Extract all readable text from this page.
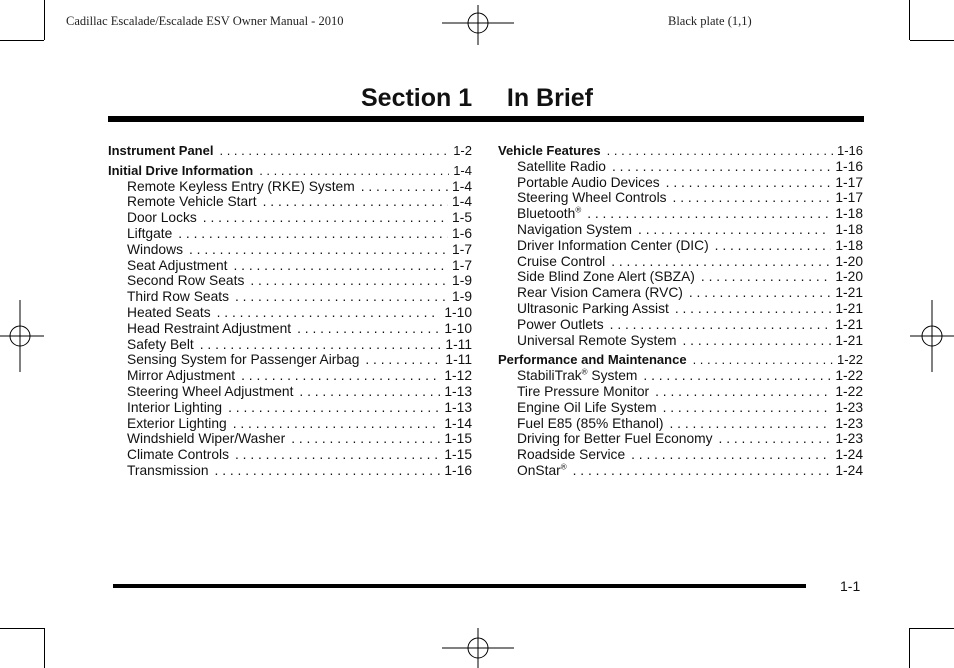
Cadillac Escalade/Escalade ESV Owner Manual - 2010	Black plate (1,1)
Section 1     In Brief
Instrument Panel . . .	1-2
Initial Drive Information . . .	1-4
Remote Keyless Entry (RKE) System . . .	1-4
Remote Vehicle Start . . .	1-4
Door Locks . . .	1-5
Liftgate . . .	1-6
Windows . . .	1-7
Seat Adjustment . . .	1-7
Second Row Seats . . .	1-9
Third Row Seats . . .	1-9
Heated Seats . . .	1-10
Head Restraint Adjustment . . .	1-10
Safety Belt . . .	1-11
Sensing System for Passenger Airbag . . .	1-11
Mirror Adjustment . . .	1-12
Steering Wheel Adjustment . . .	1-13
Interior Lighting . . .	1-13
Exterior Lighting . . .	1-14
Windshield Wiper/Washer . . .	1-15
Climate Controls . . .	1-15
Transmission . . .	1-16
Vehicle Features . . .	1-16
Satellite Radio . . .	1-16
Portable Audio Devices . . .	1-17
Steering Wheel Controls . . .	1-17
Bluetooth® . . .	1-18
Navigation System . . .	1-18
Driver Information Center (DIC) . . .	1-18
Cruise Control . . .	1-20
Side Blind Zone Alert (SBZA) . . .	1-20
Rear Vision Camera (RVC) . . .	1-21
Ultrasonic Parking Assist . . .	1-21
Power Outlets . . .	1-21
Universal Remote System . . .	1-21
Performance and Maintenance . . .	1-22
StabiliTrak® System . . .	1-22
Tire Pressure Monitor . . .	1-22
Engine Oil Life System . . .	1-23
Fuel E85 (85% Ethanol) . . .	1-23
Driving for Better Fuel Economy . . .	1-23
Roadside Service . . .	1-24
OnStar® . . .	1-24
1-1
